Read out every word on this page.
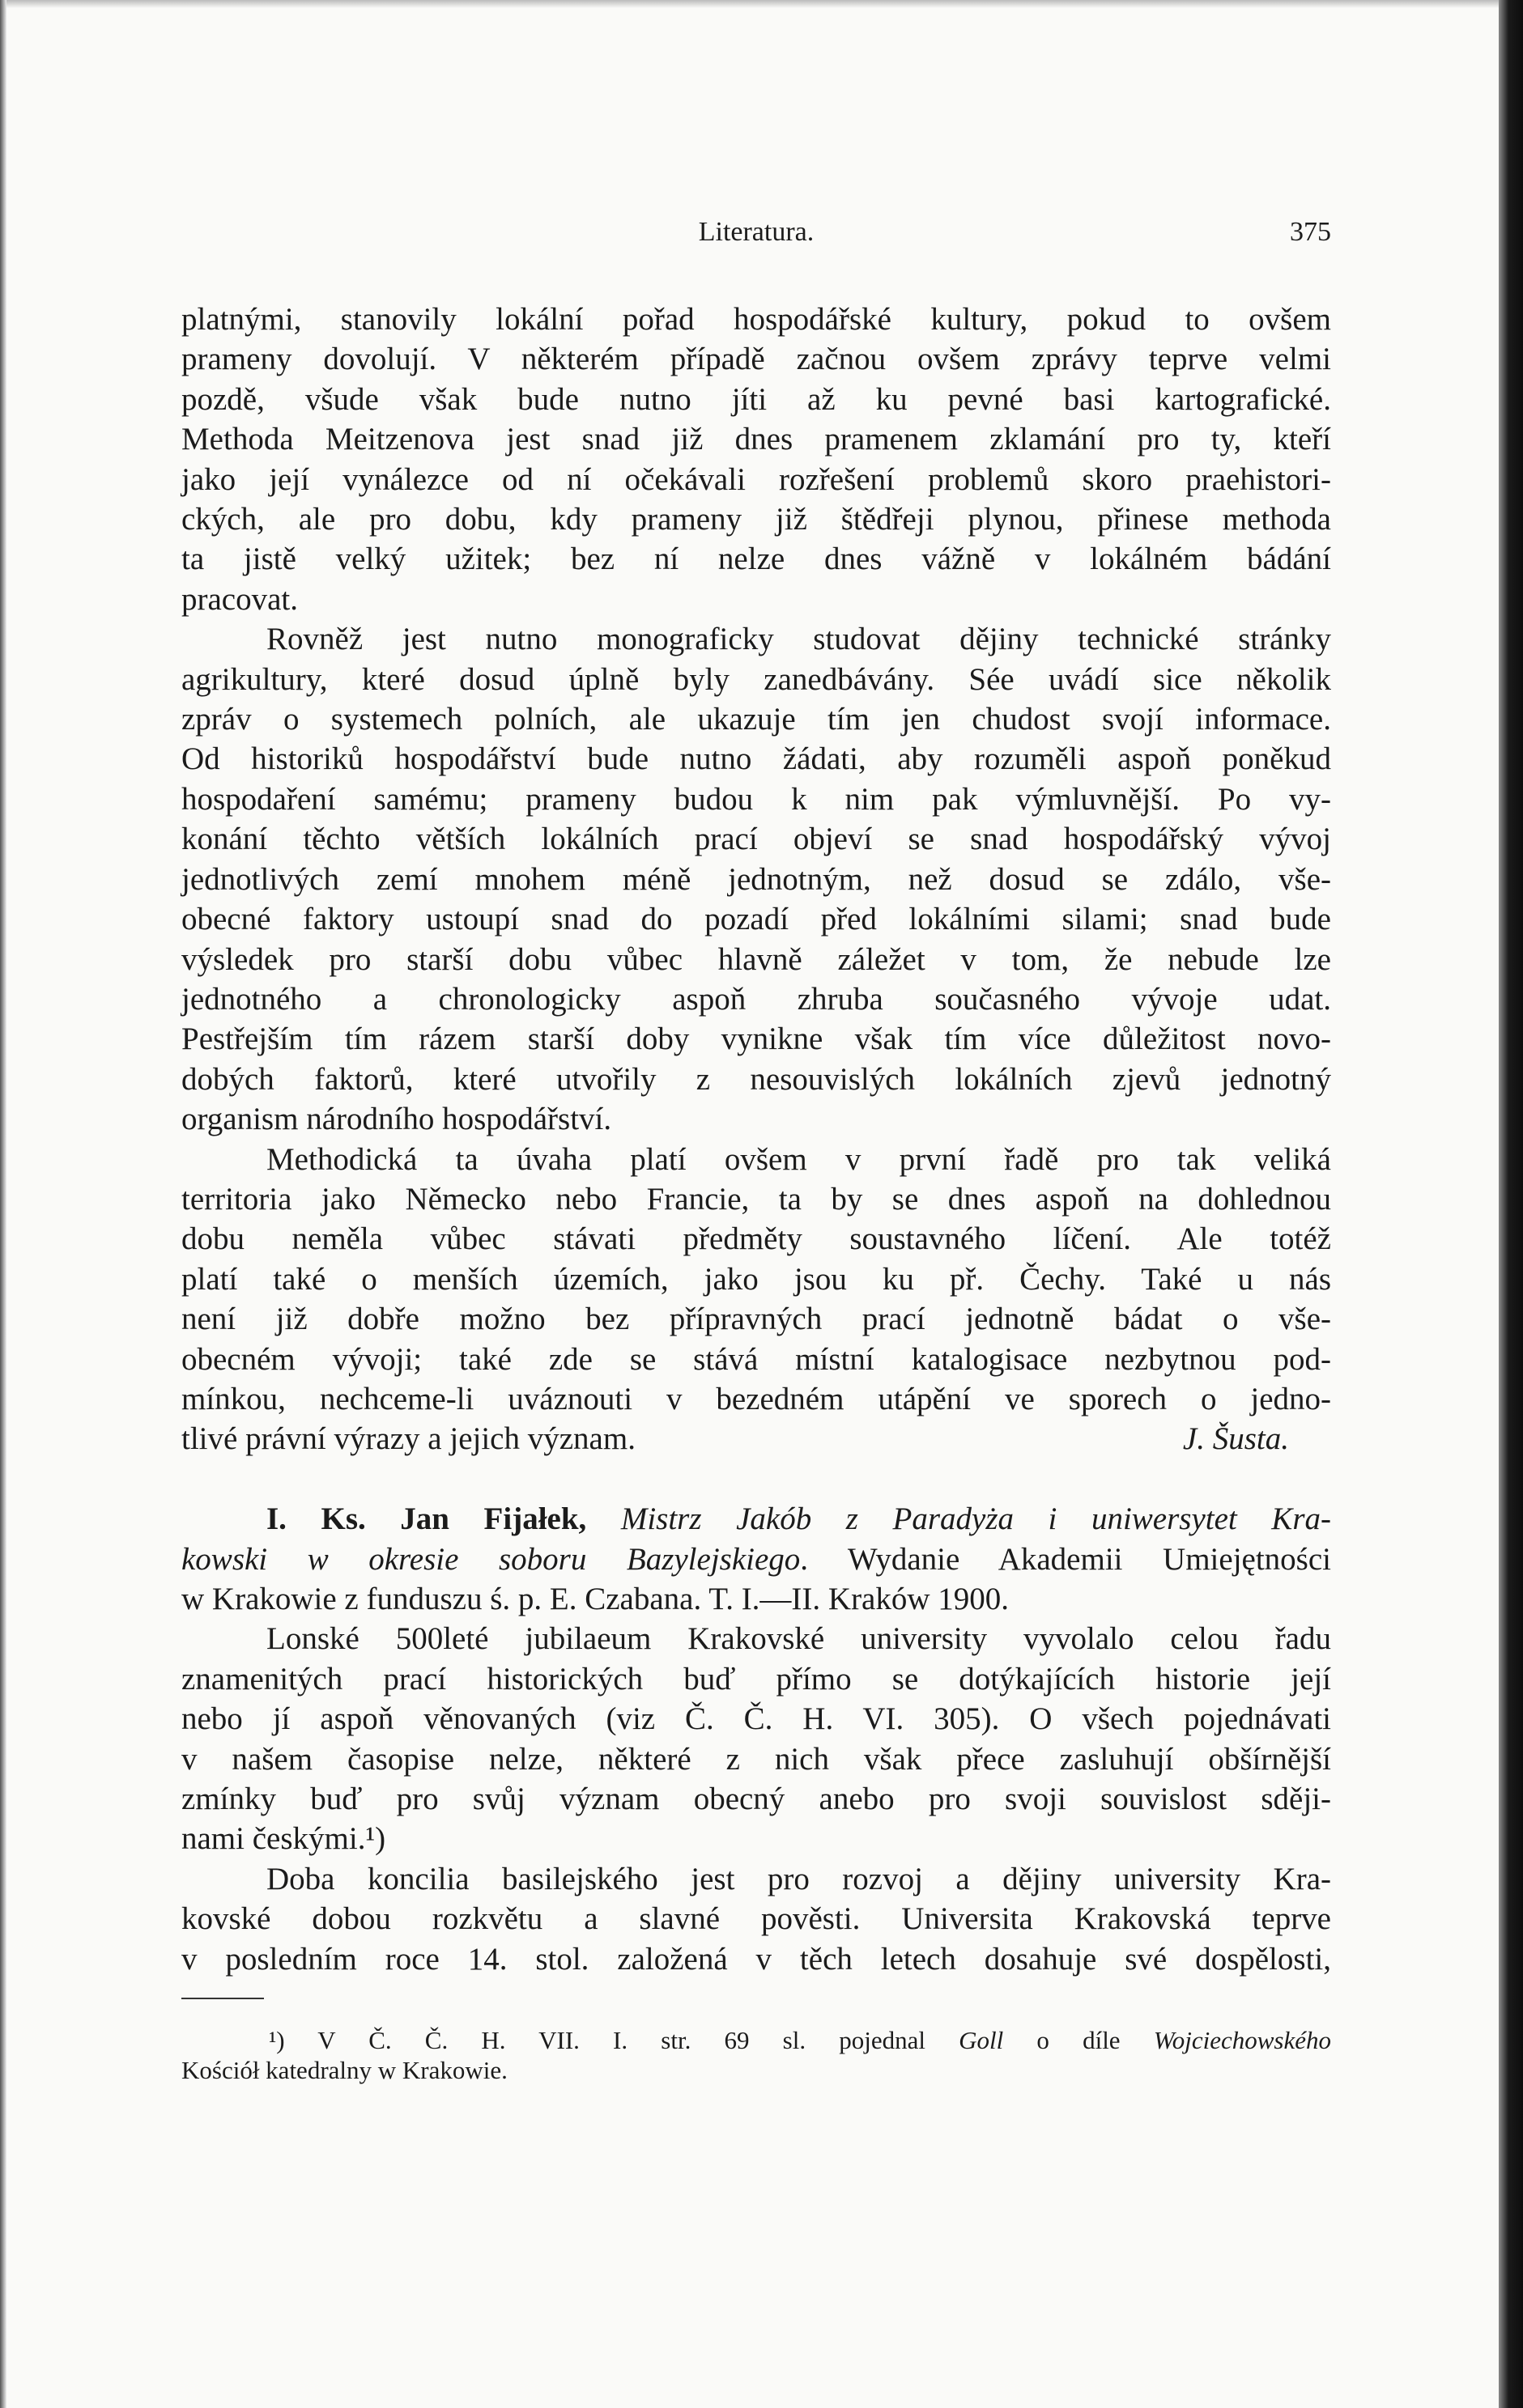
Literatura.	375
platnými, stanovily lokální pořad hospodářské kultury, pokud to ovšem
prameny dovolují. V některém případě začnou ovšem zprávy teprve velmi
pozdě, všude však bude nutno jíti až ku pevné basi kartografické.
Methoda Meitzenova jest snad již dnes pramenem zklamání pro ty, kteří
jako její vynálezce od ní očekávali rozřešení problemů skoro praehistori-
ckých, ale pro dobu, kdy prameny již štědřeji plynou, přinese methoda
ta jistě velký užitek; bez ní nelze dnes vážně v lokálném bádání
pracovat.
Rovněž jest nutno monograficky studovat dějiny technické stránky
agrikultury, které dosud úplně byly zanedbávány. Sée uvádí sice několik
zpráv o systemech polních, ale ukazuje tím jen chudost svojí informace.
Od historiků hospodářství bude nutno žádati, aby rozuměli aspoň poněkud
hospodaření samému; prameny budou k nim pak výmluvnější. Po vy-
konání těchto větších lokálních prací objeví se snad hospodářský vývoj
jednotlivých zemí mnohem méně jednotným, než dosud se zdálo, vše-
obecné faktory ustoupí snad do pozadí před lokálními silami; snad bude
výsledek pro starší dobu vůbec hlavně záležet v tom, že nebude lze
jednotného a chronologicky aspoň zhruba současného vývoje udat.
Pestřejším tím rázem starší doby vynikne však tím více důležitost novo-
dobých faktorů, které utvořily z nesouvislých lokálních zjevů jednotný
organism národního hospodářství.
Methodická ta úvaha platí ovšem v první řadě pro tak veliká
territoria jako Německo nebo Francie, ta by se dnes aspoň na dohlednou
dobu neměla vůbec stávati předměty soustavného líčení. Ale totéž
platí také o menších územích, jako jsou ku př. Čechy. Také u nás
není již dobře možno bez přípravných prací jednotně bádat o vše-
obecném vývoji; také zde se stává místní katalogisace nezbytnou pod-
mínkou, nechceme-li uváznouti v bezedném utápění ve sporech o jedno-
tlivé právní výrazy a jejich význam.	J. Šusta.
I. Ks. Jan Fijałek, Mistrz Jakób z Paradyża i uniwersytet Kra-
kowski w okresie soboru Bazylejskiego. Wydanie Akademii Umiejętności
w Krakowie z funduszu ś. p. E. Czabana. T. I.—II. Kraków 1900.
Lonské 500leté jubilaeum Krakovské university vyvolalo celou řadu
znamenitých prací historických buď přímo se dotýkajících historie její
nebo jí aspoň věnovaných (viz Č. Č. H. VI. 305). O všech pojednávati
v našem časopise nelze, některé z nich však přece zasluhují obšírnější
zmínky buď pro svůj význam obecný anebo pro svoji souvislost sději-
nami českými.¹)
Doba koncilia basilejského jest pro rozvoj a dějiny university Kra-
kovské dobou rozkvětu a slavné pověsti. Universita Krakovská teprve
v posledním roce 14. stol. založená v těch letech dosahuje své dospělosti,
¹) V Č. Č. H. VII. I. str. 69 sl. pojednal Goll o díle Wojciechowského
Kościół katedralny w Krakowie.
